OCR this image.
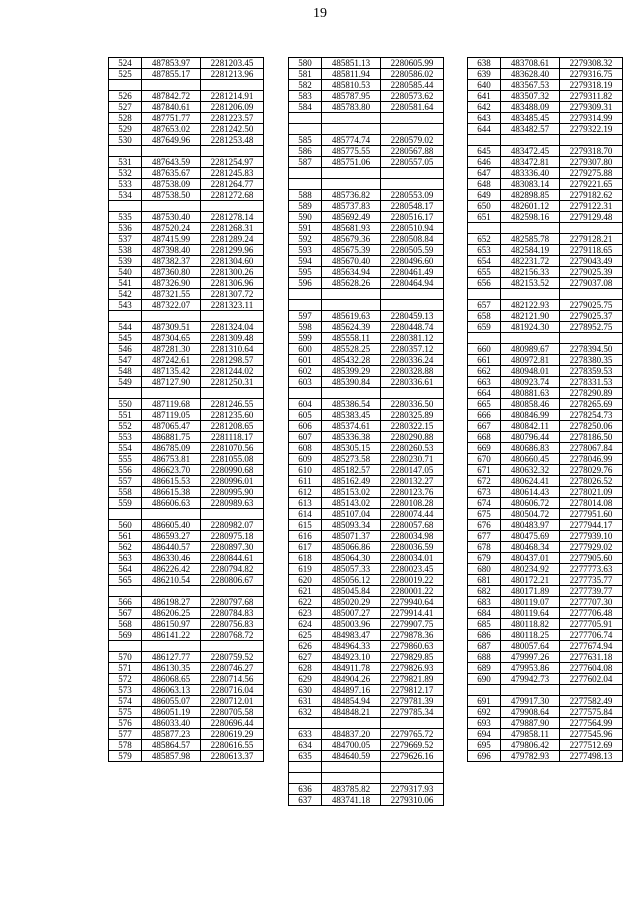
19
524	487853.97	2281203.45
525	487855.17	2281213.96

526	487842.72	2281214.91
527	487840.61	2281206.09
528	487751.77	2281223.57
529	487653.02	2281242.50
530	487649.96	2281253.48

531	487643.59	2281254.97
532	487635.67	2281245.83
533	487538.09	2281264.77
534	487538.50	2281272.68

535	487530.40	2281278.14
536	487520.24	2281268.31
537	487415.99	2281289.24
538	487398.40	2281299.96
539	487382.37	2281304.60
540	487360.80	2281300.26
541	487326.90	2281306.96
542	487321.55	2281307.72
543	487322.07	2281323.11

544	487309.51	2281324.04
545	487304.65	2281309.48
546	487281.30	2281310.64
547	487242.61	2281298.57
548	487135.42	2281244.02
549	487127.90	2281250.31

550	487119.68	2281246.55
551	487119.05	2281235.60
552	487065.47	2281208.65
553	486881.75	2281118.17
554	486785.09	2281070.56
555	486753.81	2281055.08
556	486623.70	2280990.68
557	486615.53	2280996.01
558	486615.38	2280995.90
559	486606.63	2280989.63

560	486605.40	2280982.07
561	486593.27	2280975.18
562	486440.57	2280897.30
563	486330.46	2280844.61
564	486226.42	2280794.82
565	486210.54	2280806.67

566	486198.27	2280797.68
567	486206.25	2280784.83
568	486150.97	2280756.83
569	486141.22	2280768.72

570	486127.77	2280759.52
571	486130.35	2280746.27
572	486068.65	2280714.56
573	486063.13	2280716.04
574	486055.07	2280712.01
575	486051.19	2280705.58
576	486033.40	2280696.44
577	485877.23	2280619.29
578	485864.57	2280616.55
579	485857.98	2280613.37
580	485851.13	2280605.99
581	485811.94	2280586.02
582	485810.53	2280585.44
583	485787.95	2280573.62
584	485783.80	2280581.64

585	485774.74	2280579.02
586	485775.55	2280567.88
587	485751.06	2280557.05

588	485736.82	2280553.09
589	485737.83	2280548.17
590	485692.49	2280516.17
591	485681.93	2280510.94
592	485679.36	2280508.84
593	485675.39	2280505.59
594	485670.40	2280496.60
595	485634.94	2280461.49
596	485628.26	2280464.94

597	485619.63	2280459.13
598	485624.39	2280448.74
599	485558.11	2280381.12
600	485528.25	2280357.12
601	485432.28	2280336.24
602	485399.29	2280328.88
603	485390.84	2280336.61

604	485386.54	2280336.50
605	485383.45	2280325.89
606	485374.61	2280322.15
607	485336.38	2280290.88
608	485305.15	2280260.53
609	485273.58	2280230.71
610	485182.57	2280147.05
611	485162.49	2280132.27
612	485153.02	2280123.76
613	485143.02	2280108.28
614	485107.04	2280074.44
615	485093.34	2280057.68
616	485071.37	2280034.98
617	485066.86	2280036.59
618	485064.30	2280034.01
619	485057.33	2280023.45
620	485056.12	2280019.22
621	485045.84	2280001.22
622	485020.29	2279940.64
623	485007.27	2279914.41
624	485003.96	2279907.75
625	484983.47	2279878.36
626	484964.33	2279860.63
627	484923.10	2279829.85
628	484911.78	2279826.93
629	484904.26	2279821.89
630	484897.16	2279812.17
631	484854.94	2279781.39
632	484848.21	2279785.34

633	484837.20	2279765.72
634	484700.05	2279669.52
635	484640.59	2279626.16

636	483785.82	2279317.93
637	483741.18	2279310.06
638	483708.61	2279308.32
639	483628.40	2279316.75
640	483567.53	2279318.19
641	483507.32	2279311.82
642	483488.09	2279309.31
643	483485.45	2279314.99
644	483482.57	2279322.19

645	483472.45	2279318.70
646	483472.81	2279307.80
647	483336.40	2279275.88
648	483083.14	2279221.65
649	482898.85	2279182.62
650	482601.12	2279122.31
651	482598.16	2279129.48

652	482585.78	2279128.21
653	482584.19	2279118.65
654	482231.72	2279043.49
655	482156.33	2279025.39
656	482153.52	2279037.08

657	482122.93	2279025.75
658	482121.90	2279025.37
659	481924.30	2278952.75

660	480989.67	2278394.50
661	480972.81	2278380.35
662	480948.01	2278359.53
663	480923.74	2278331.53
664	480881.63	2278290.89
665	480858.46	2278265.69
666	480846.99	2278254.73
667	480842.11	2278250.06
668	480796.44	2278186.50
669	480686.83	2278067.84
670	480660.45	2278046.99
671	480632.32	2278029.76
672	480624.41	2278026.52
673	480614.43	2278021.09
674	480606.72	2278014.08
675	480504.72	2277951.60
676	480483.97	2277944.17
677	480475.69	2277939.10
678	480468.34	2277929.02
679	480437.01	2277905.60
680	480234.92	2277773.63
681	480172.21	2277735.77
682	480171.89	2277739.77
683	480119.07	2277707.30
684	480119.64	2277706.48
685	480118.82	2277705.91
686	480118.25	2277706.74
687	480057.64	2277674.94
688	479997.26	2277631.18
689	479953.86	2277604.08
690	479942.73	2277602.04

691	479917.30	2277582.49
692	479908.64	2277575.84
693	479887.90	2277564.99
694	479858.11	2277545.96
695	479806.42	2277512.69
696	479782.93	2277498.13
